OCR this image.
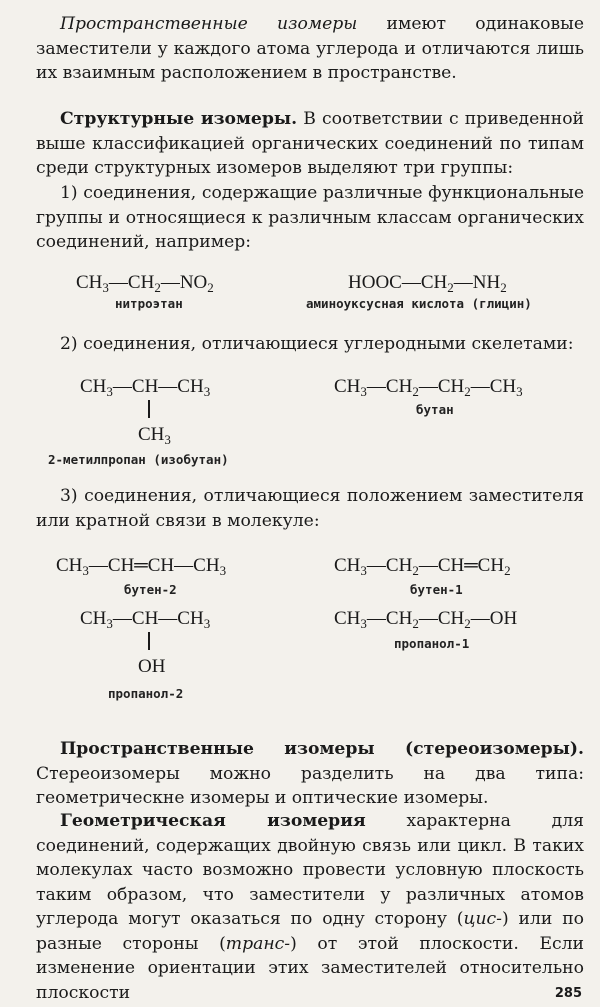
Пространственные изомеры имеют одинаковые заместители у каждого атома углерода и отличаются лишь их взаимным расположением в пространстве.

Структурные изомеры. В соответствии с приведенной выше классификацией органических соединений по типам среди структурных изомеров выделяют три группы:

1) соединения, содержащие различные функциональные группы и относящиеся к различным классам органических соединений, например:

$CH_3—CH_2—NO_2$
нитроэтан
$HOOC—CH_2—NH_2$
аминоуксусная кислота (глицин)

2) соединения, отличающиеся углеродными скелетами:

$CH_3—CH—CH_3$
$CH_3$
2-метилпропан (изобутан)
$CH_3—CH_2—CH_2—CH_3$
бутан

3) соединения, отличающиеся положением заместителя или кратной связи в молекуле:

$CH_3—CH═CH—CH_3$
бутен-2
$CH_3—CH_2—CH═CH_2$
бутен-1
$CH_3—CH—CH_3$
OH
пропанол-2
$CH_3—CH_2—CH_2—OH$
пропанол-1

Пространственные изомеры (стереоизомеры). Стереоизомеры можно разделить на два типа: геометрическне изомеры и оптические изомеры.

Геометрическая изомерия характерна для соединений, содержащих двойную связь или цикл. В таких молекулах часто возможно провести условную плоскость таким образом, что заместители у различных атомов углерода могут оказаться по одну сторону (цис-) или по разные стороны (транс-) от этой плоскости. Если изменение ориентации этих заместителей относительно плоскости	285
